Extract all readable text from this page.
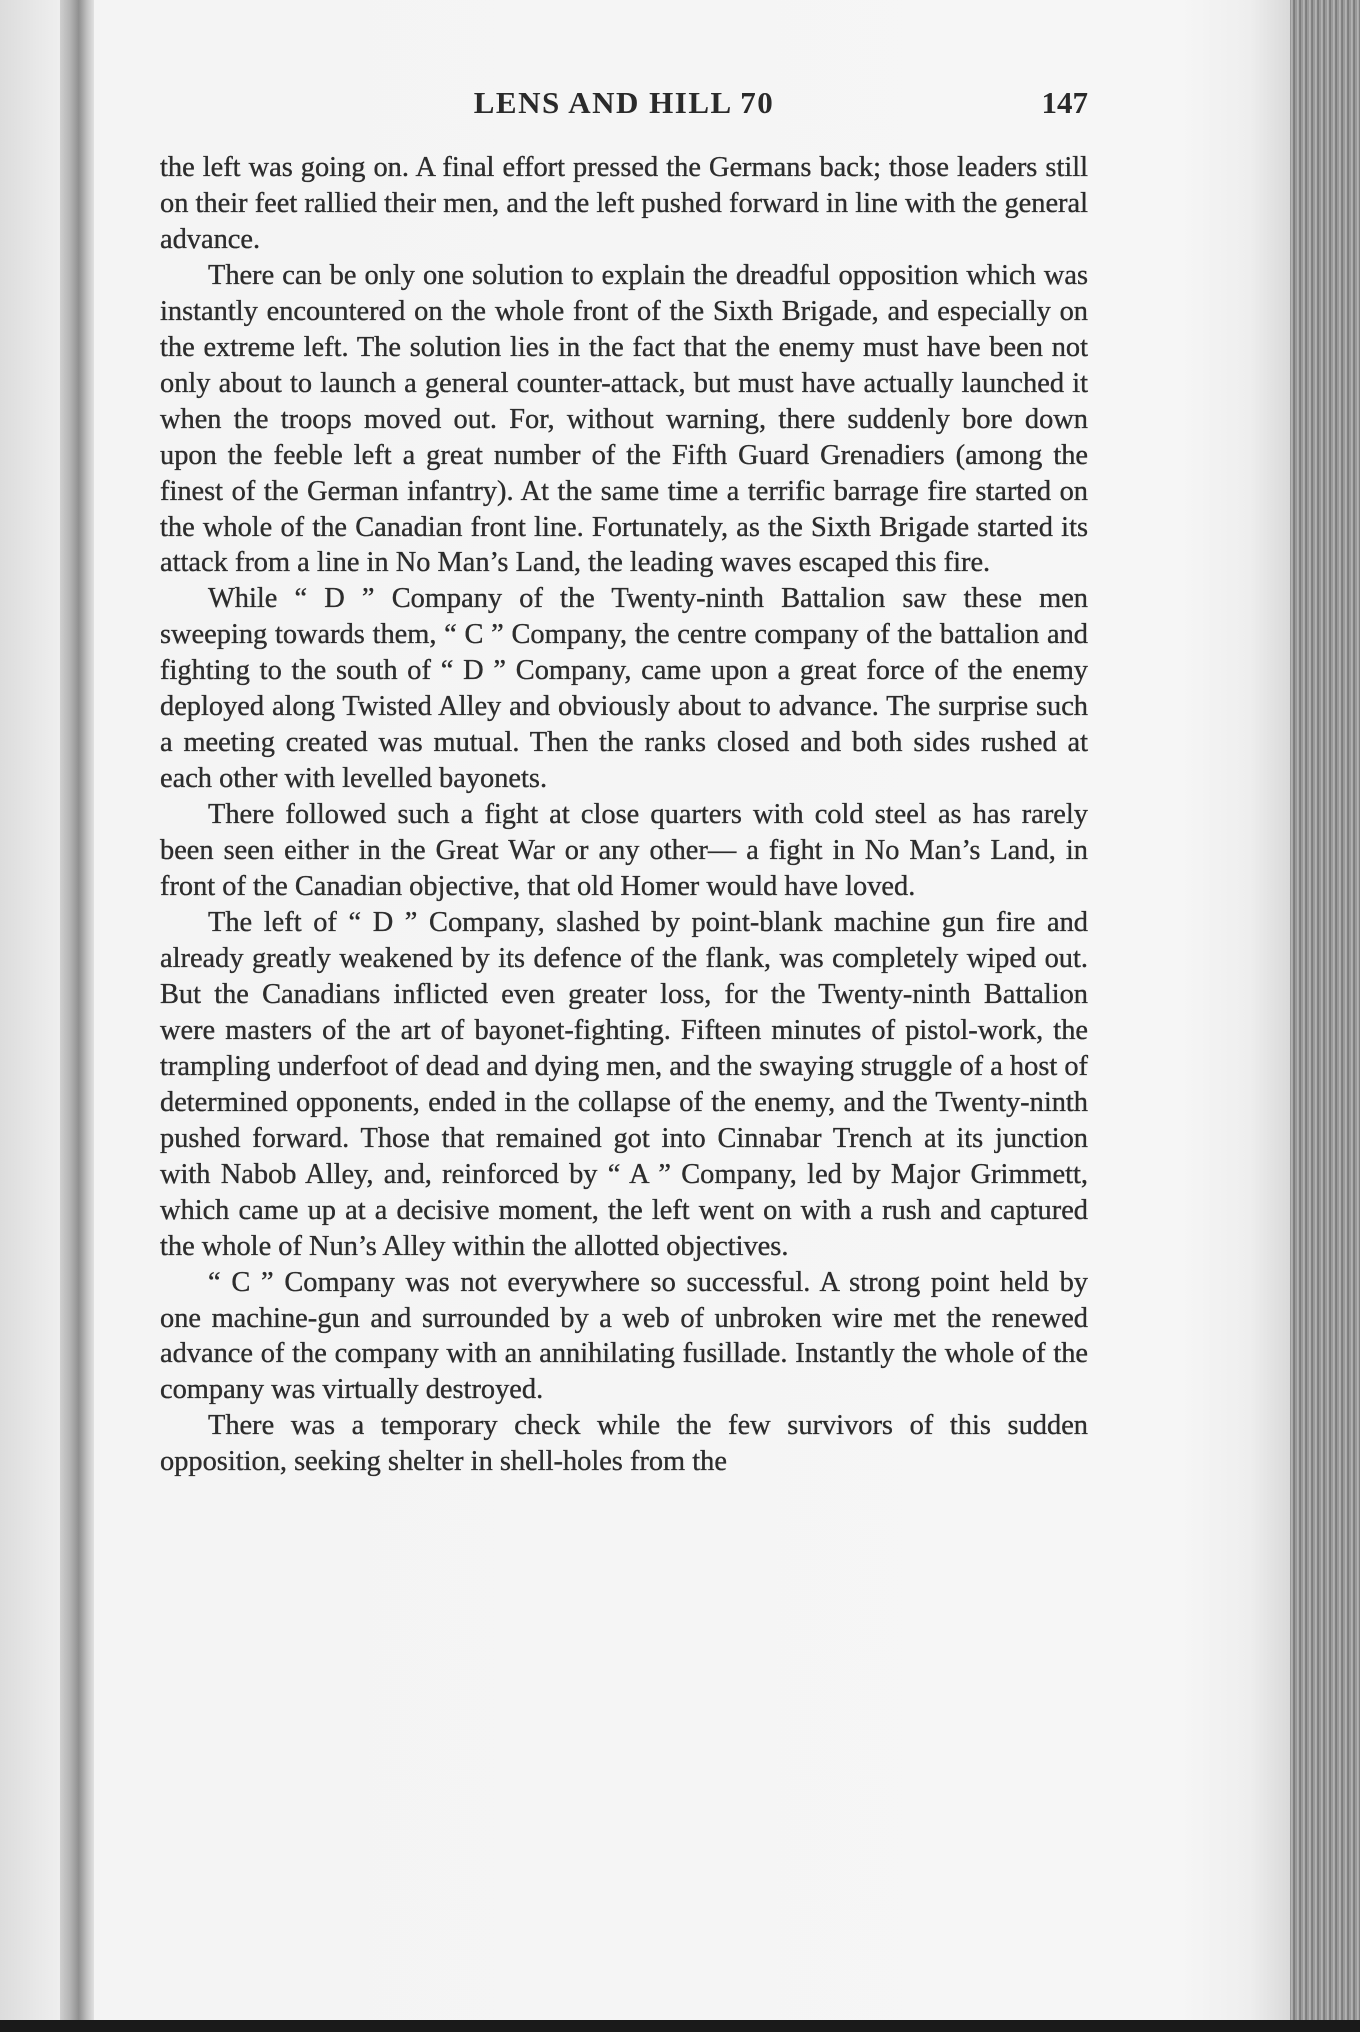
LENS AND HILL 70	147

the left was going on. A final effort pressed the Germans back; those leaders still on their feet rallied their men, and the left pushed forward in line with the general advance.

There can be only one solution to explain the dreadful opposition which was instantly encountered on the whole front of the Sixth Brigade, and especially on the extreme left. The solution lies in the fact that the enemy must have been not only about to launch a general counter-attack, but must have actually launched it when the troops moved out. For, without warning, there suddenly bore down upon the feeble left a great number of the Fifth Guard Grenadiers (among the finest of the German infantry). At the same time a terrific barrage fire started on the whole of the Canadian front line. Fortunately, as the Sixth Brigade started its attack from a line in No Man’s Land, the leading waves escaped this fire.

While “ D ” Company of the Twenty-ninth Battalion saw these men sweeping towards them, “ C ” Company, the centre company of the battalion and fighting to the south of “ D ” Company, came upon a great force of the enemy deployed along Twisted Alley and obviously about to advance. The surprise such a meeting created was mutual. Then the ranks closed and both sides rushed at each other with levelled bayonets.

There followed such a fight at close quarters with cold steel as has rarely been seen either in the Great War or any other— a fight in No Man’s Land, in front of the Canadian objective, that old Homer would have loved.

The left of “ D ” Company, slashed by point-blank machine gun fire and already greatly weakened by its defence of the flank, was completely wiped out. But the Canadians inflicted even greater loss, for the Twenty-ninth Battalion were masters of the art of bayonet-fighting. Fifteen minutes of pistol-work, the trampling underfoot of dead and dying men, and the swaying struggle of a host of determined opponents, ended in the collapse of the enemy, and the Twenty-ninth pushed forward. Those that remained got into Cinnabar Trench at its junction with Nabob Alley, and, reinforced by “ A ” Company, led by Major Grimmett, which came up at a decisive moment, the left went on with a rush and captured the whole of Nun’s Alley within the allotted objectives.

“ C ” Company was not everywhere so successful. A strong point held by one machine-gun and surrounded by a web of unbroken wire met the renewed advance of the company with an annihilating fusillade. Instantly the whole of the company was virtually destroyed.

There was a temporary check while the few survivors of this sudden opposition, seeking shelter in shell-holes from the
